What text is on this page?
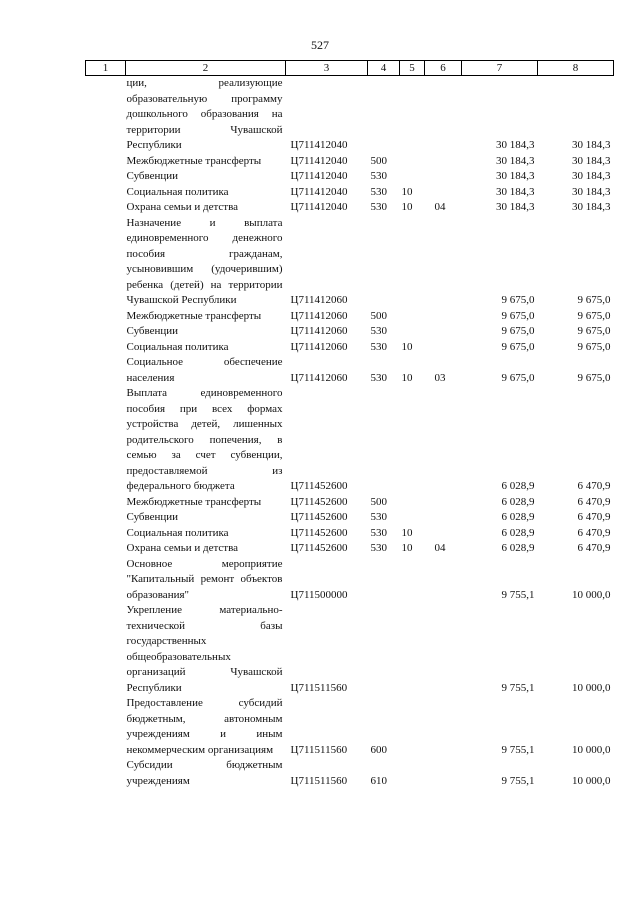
527
1	2	3	4	5	6	7	8
	ции, реализующие образовательную программу дошкольного образования на территории Чувашской Республики	Ц711412040				30 184,3	30 184,3
	Межбюджетные трансферты	Ц711412040	500			30 184,3	30 184,3
	Субвенции	Ц711412040	530			30 184,3	30 184,3
	Социальная политика	Ц711412040	530	10		30 184,3	30 184,3
	Охрана семьи и детства	Ц711412040	530	10	04	30 184,3	30 184,3
	Назначение и выплата единовременного денежного пособия гражданам, усыновившим (удочерившим) ребенка (детей) на территории Чувашской Республики	Ц711412060				9 675,0	9 675,0
	Межбюджетные трансферты	Ц711412060	500			9 675,0	9 675,0
	Субвенции	Ц711412060	530			9 675,0	9 675,0
	Социальная политика	Ц711412060	530	10		9 675,0	9 675,0
	Социальное обеспечение населения	Ц711412060	530	10	03	9 675,0	9 675,0
	Выплата единовременного пособия при всех формах устройства детей, лишенных родительского попечения, в семью за счет субвенции, предоставляемой из федерального бюджета	Ц711452600				6 028,9	6 470,9
	Межбюджетные трансферты	Ц711452600	500			6 028,9	6 470,9
	Субвенции	Ц711452600	530			6 028,9	6 470,9
	Социальная политика	Ц711452600	530	10		6 028,9	6 470,9
	Охрана семьи и детства	Ц711452600	530	10	04	6 028,9	6 470,9
	Основное мероприятие "Капитальный ремонт объектов образования"	Ц711500000				9 755,1	10 000,0
	Укрепление материально-технической базы государственных общеобразовательных организаций Чувашской Республики	Ц711511560				9 755,1	10 000,0
	Предоставление субсидий бюджетным, автономным учреждениям и иным некоммерческим организациям	Ц711511560	600			9 755,1	10 000,0
	Субсидии бюджетным учреждениям	Ц711511560	610			9 755,1	10 000,0
